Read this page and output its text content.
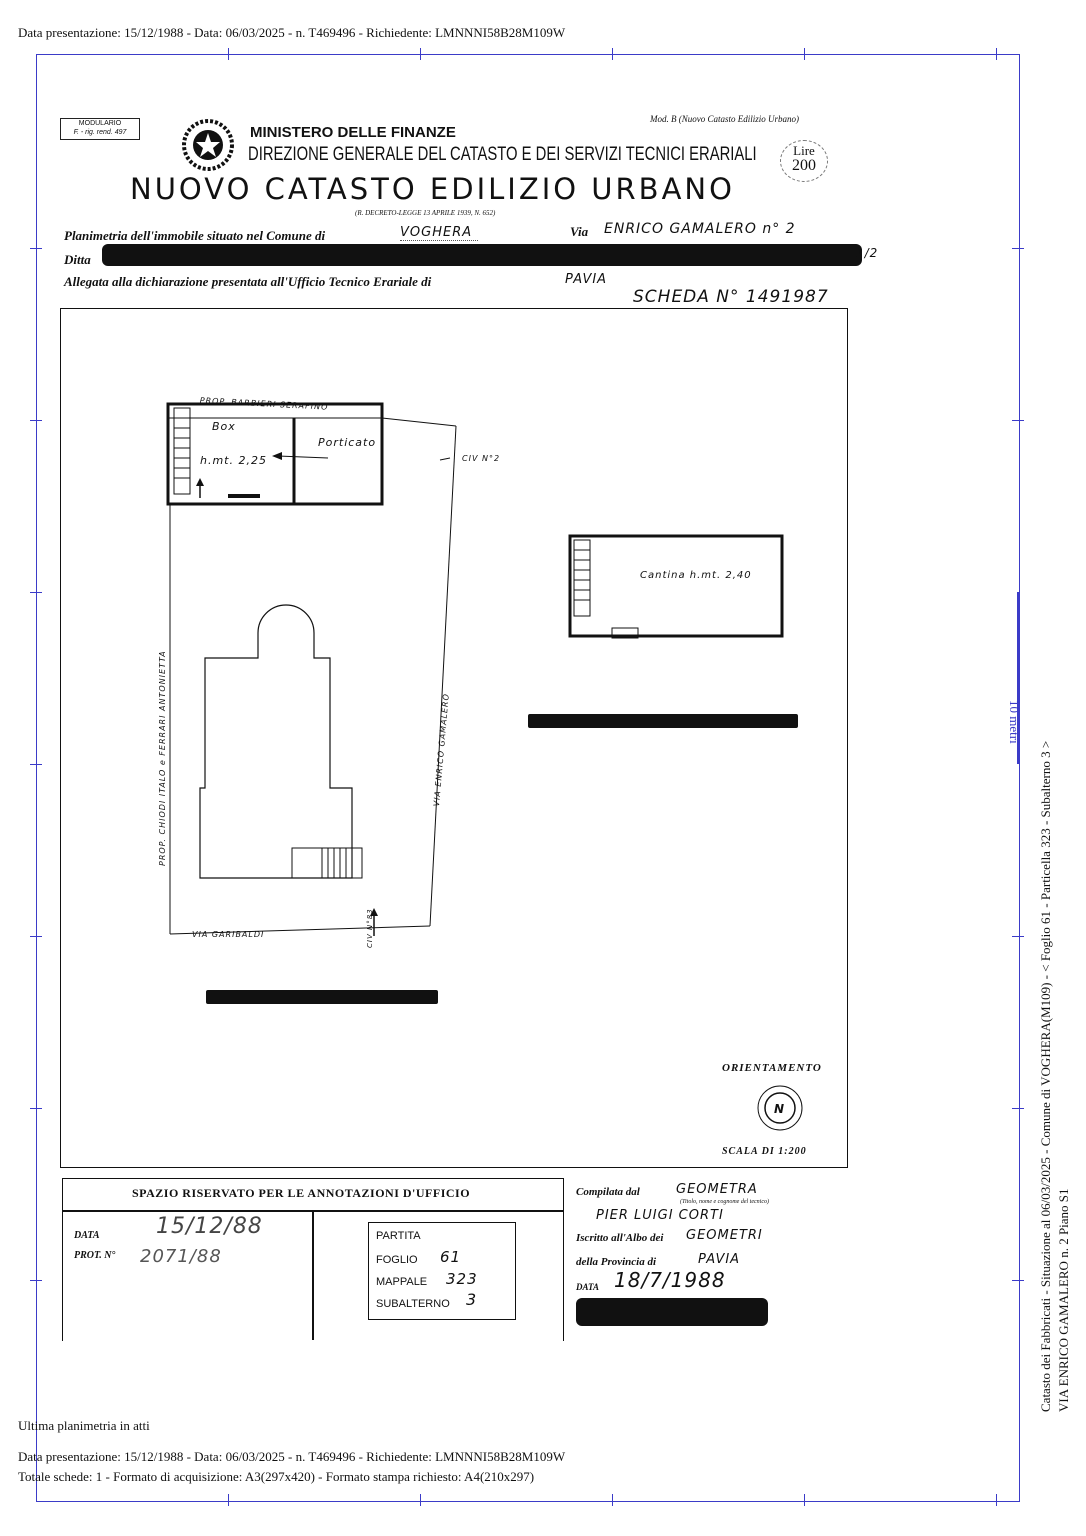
Data presentazione: 15/12/1988 - Data: 06/03/2025 - n. T469496 - Richiedente: LMNNNI58B28M109W
10 metri
Catasto dei Fabbricati - Situazione al 06/03/2025 - Comune di VOGHERA(M109) - < Foglio 61 - Particella 323 - Subalterno 3 > VIA ENRICO GAMALERO n. 2 Piano S1
MODULARIO
F. - rig. rend. 497
Mod. B (Nuovo Catasto Edilizio Urbano)
MINISTERO DELLE FINANZE
DIREZIONE GENERALE DEL CATASTO E DEI SERVIZI TECNICI ERARIALI	Lire
200
NUOVO CATASTO EDILIZIO URBANO
(R. DECRETO-LEGGE 13 APRILE 1939, N. 652)
Planimetria dell'immobile situato nel Comune di	VOGHERA	Via ENRICO GAMALERO n° 2
Ditta	1/2
Allegata alla dichiarazione presentata all'Ufficio Tecnico Erariale di	PAVIA
SCHEDA N° 1491987
PROP. BARBIERI SERAFINO
Box
h.mt. 2,25
Porticato
CIV N°2
PROP. CHIODI ITALO e FERRARI ANTONIETTA	VIA ENRICO GAMALERO
VIA GARIBALDI	CIV N°83
Cantina h.mt. 2,40
ORIENTAMENTO
N
SCALA DI 1:200
SPAZIO RISERVATO PER LE ANNOTAZIONI D'UFFICIO
DATA	15/12/88
PROT. N° 2071/88
PARTITA
FOGLIO 61
MAPPALE 323
SUBALTERNO 3
Compilata dal	GEOMETRA
(Titolo, nome e cognome del tecnico)
PIER LUIGI CORTI
Iscritto all'Albo dei GEOMETRI
della Provincia di	PAVIA
DATA 18/7/1988
Ultima planimetria in atti
Data presentazione: 15/12/1988 - Data: 06/03/2025 - n. T469496 - Richiedente: LMNNNI58B28M109W
Totale schede: 1 - Formato di acquisizione: A3(297x420) - Formato stampa richiesto: A4(210x297)
